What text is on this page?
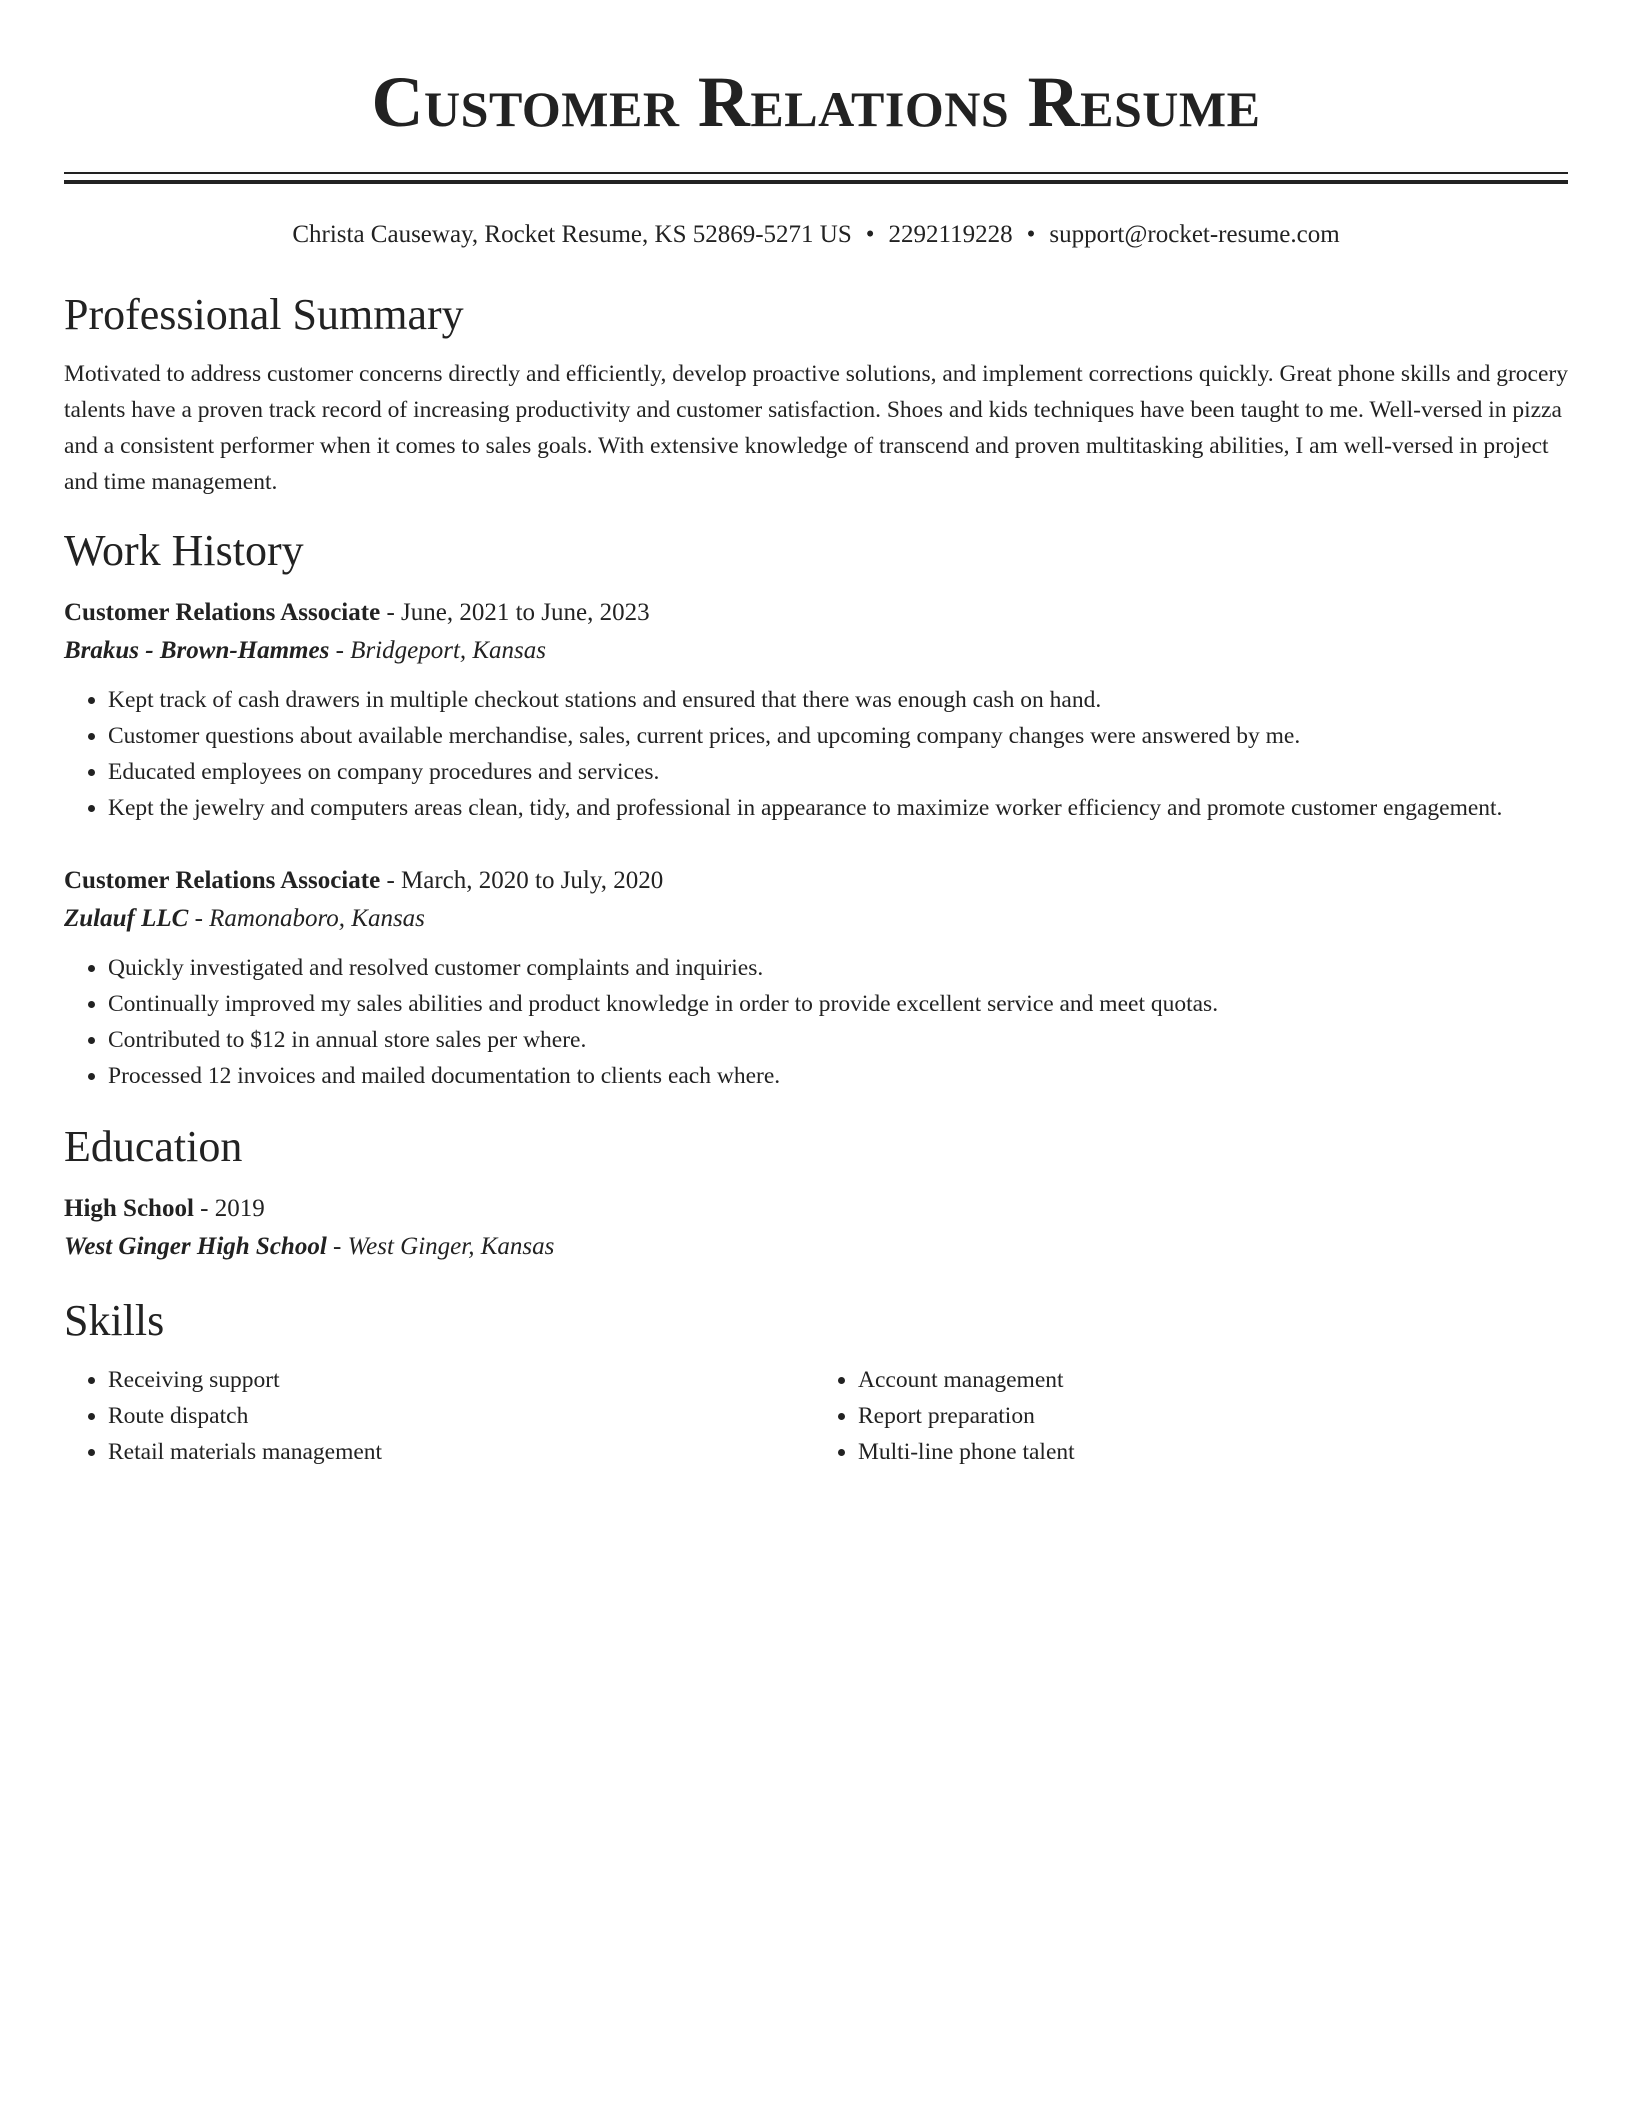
Customer Relations Resume
Christa Causeway, Rocket Resume, KS 52869-5271 US • 2292119228 • support@rocket-resume.com
Professional Summary
Motivated to address customer concerns directly and efficiently, develop proactive solutions, and implement corrections quickly. Great phone skills and grocery talents have a proven track record of increasing productivity and customer satisfaction. Shoes and kids techniques have been taught to me. Well-versed in pizza and a consistent performer when it comes to sales goals. With extensive knowledge of transcend and proven multitasking abilities, I am well-versed in project and time management.
Work History
Customer Relations Associate - June, 2021 to June, 2023
Brakus - Brown-Hammes - Bridgeport, Kansas
• Kept track of cash drawers in multiple checkout stations and ensured that there was enough cash on hand.
• Customer questions about available merchandise, sales, current prices, and upcoming company changes were answered by me.
• Educated employees on company procedures and services.
• Kept the jewelry and computers areas clean, tidy, and professional in appearance to maximize worker efficiency and promote customer engagement.
Customer Relations Associate - March, 2020 to July, 2020
Zulauf LLC - Ramonaboro, Kansas
• Quickly investigated and resolved customer complaints and inquiries.
• Continually improved my sales abilities and product knowledge in order to provide excellent service and meet quotas.
• Contributed to $12 in annual store sales per where.
• Processed 12 invoices and mailed documentation to clients each where.
Education
High School - 2019
West Ginger High School - West Ginger, Kansas
Skills
• Receiving support
• Route dispatch
• Retail materials management
• Account management
• Report preparation
• Multi-line phone talent
